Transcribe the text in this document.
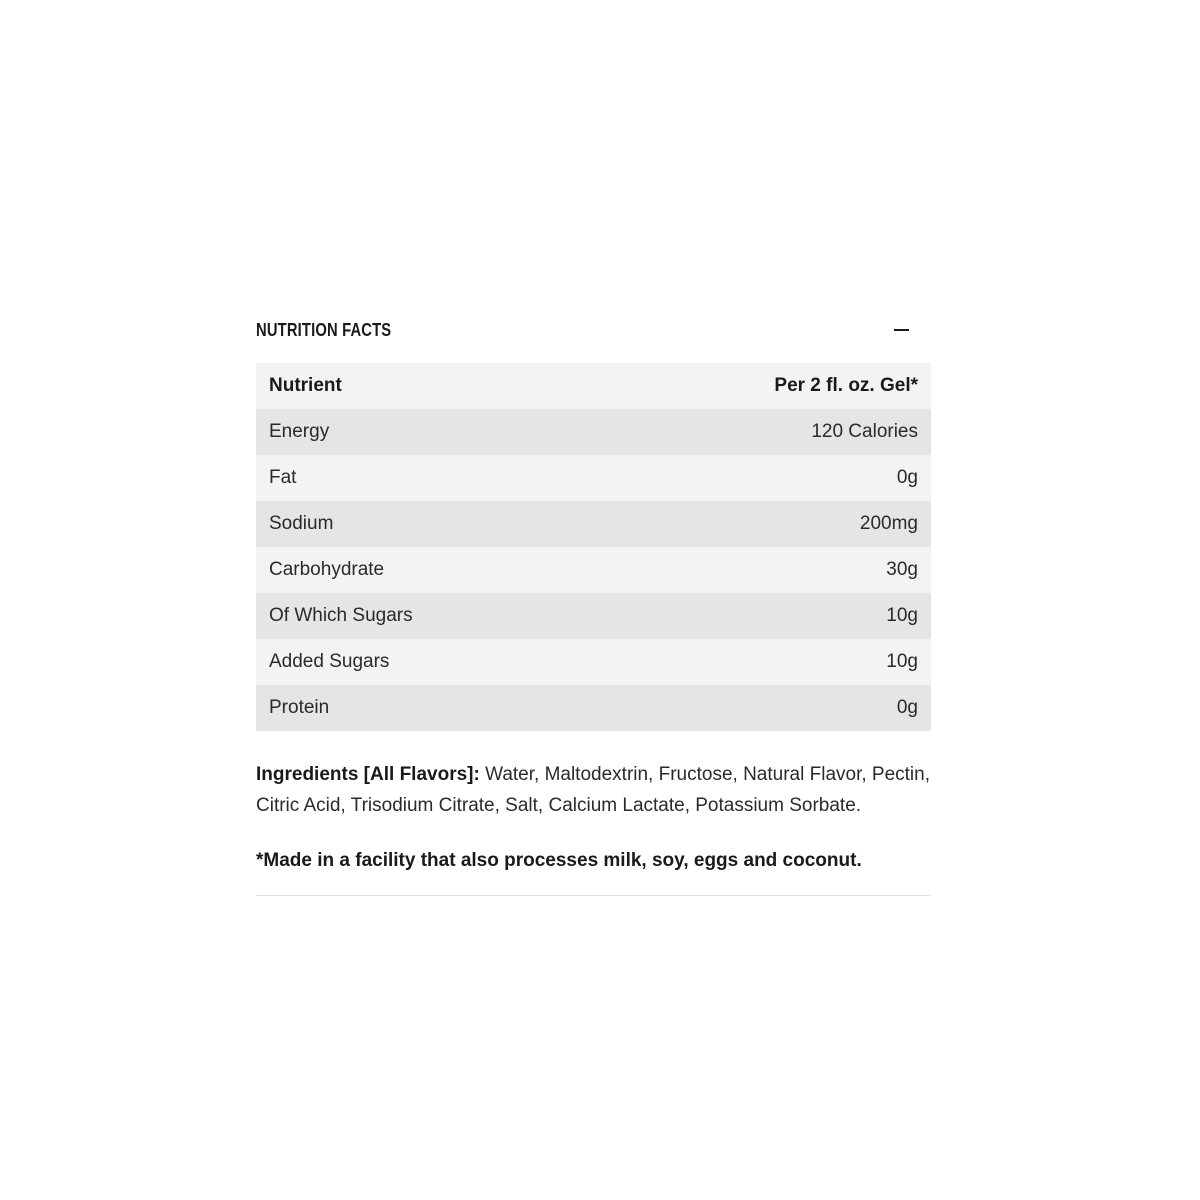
NUTRITION FACTS
Nutrient	Per 2 fl. oz. Gel*
Energy	120 Calories
Fat	0g
Sodium	200mg
Carbohydrate	30g
Of Which Sugars	10g
Added Sugars	10g
Protein	0g

Ingredients [All Flavors]: Water, Maltodextrin, Fructose, Natural Flavor, Pectin, Citric Acid, Trisodium Citrate, Salt, Calcium Lactate, Potassium Sorbate.

*Made in a facility that also processes milk, soy, eggs and coconut.
